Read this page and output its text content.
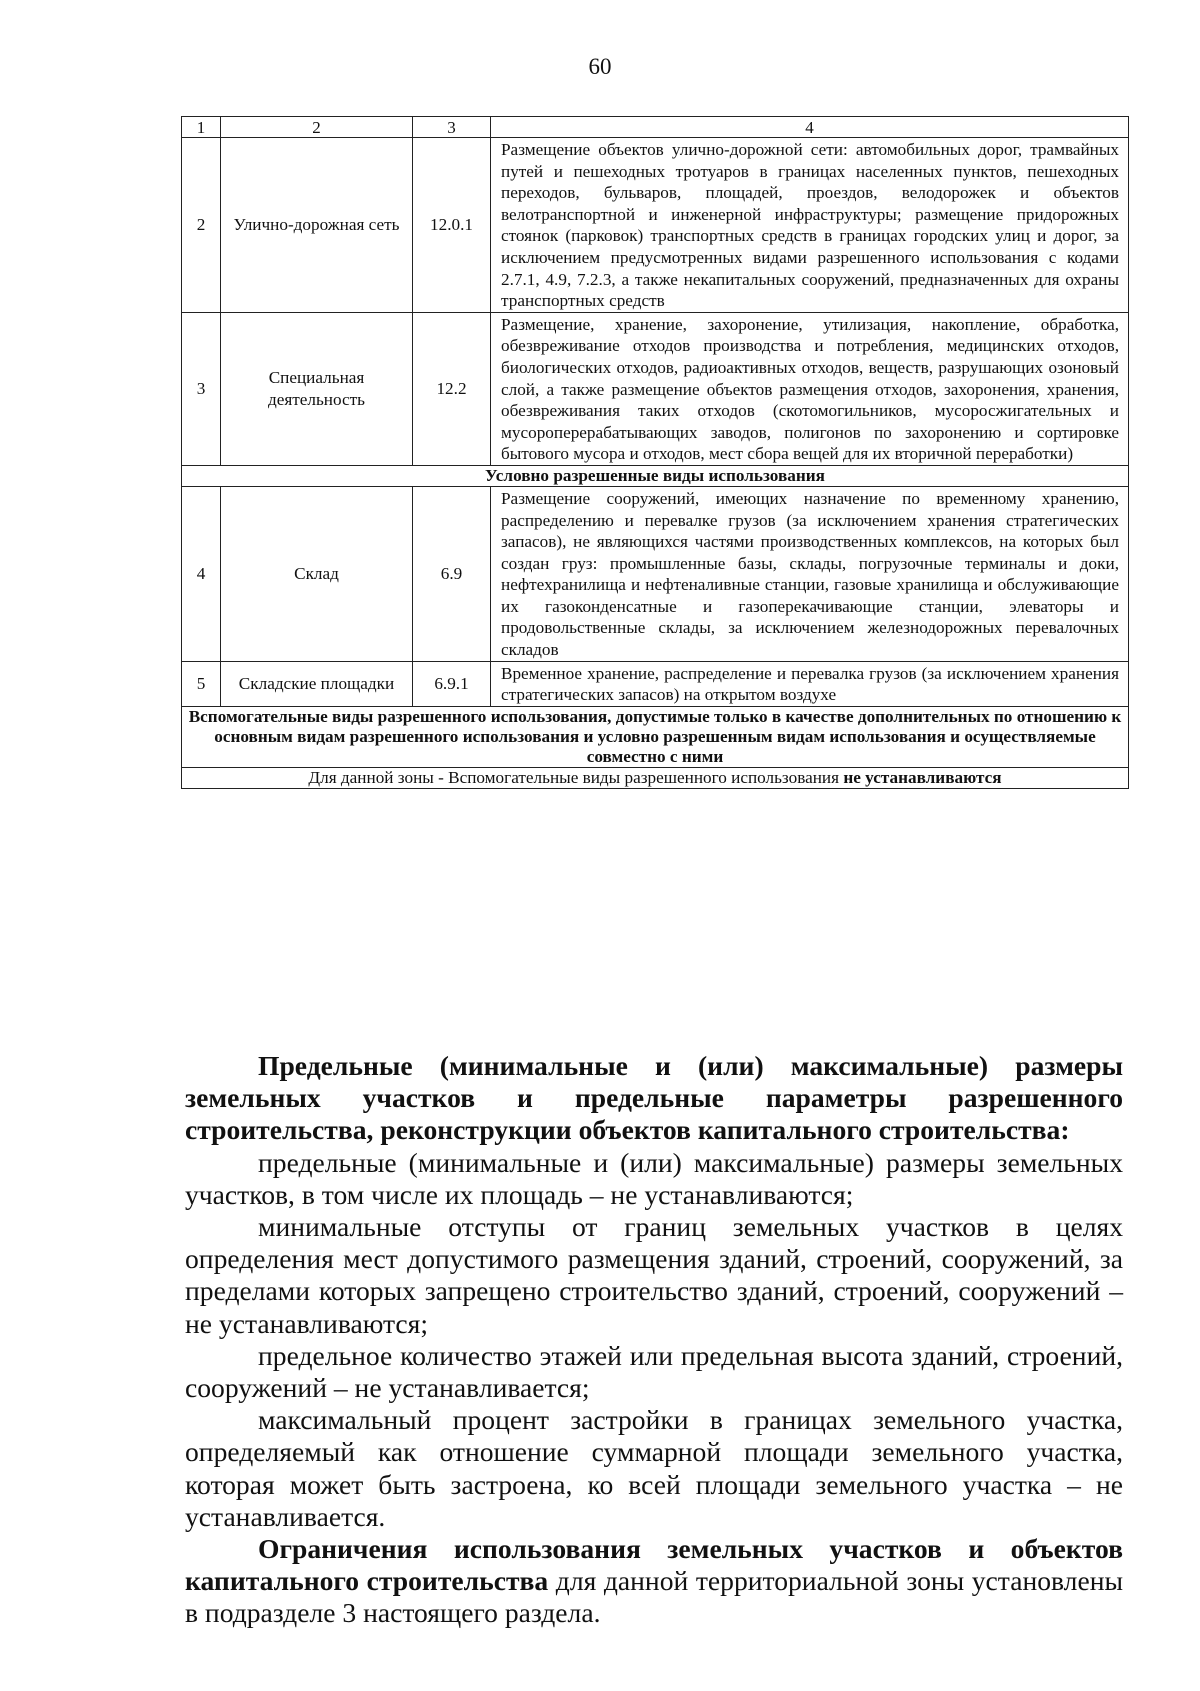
60
1	2	3	4
2	Улично-дорожная сеть	12.0.1	Размещение объектов улично-дорожной сети: автомобильных дорог, трамвайных путей и пешеходных тротуаров в границах населенных пунктов, пешеходных переходов, бульваров, площадей, проездов, велодорожек и объектов велотранспортной и инженерной инфраструктуры; размещение придорожных стоянок (парковок) транспортных средств в границах городских улиц и дорог, за исключением предусмотренных видами разрешенного использования с кодами 2.7.1, 4.9, 7.2.3, а также некапитальных сооружений, предназначенных для охраны транспортных средств
3	Специальная деятельность	12.2	Размещение, хранение, захоронение, утилизация, накопление, обработка, обезвреживание отходов производства и потребления, медицинских отходов, биологических отходов, радиоактивных отходов, веществ, разрушающих озоновый слой, а также размещение объектов размещения отходов, захоронения, хранения, обезвреживания таких отходов (скотомогильников, мусоросжигательных и мусороперерабатывающих заводов, полигонов по захоронению и сортировке бытового мусора и отходов, мест сбора вещей для их вторичной переработки)
Условно разрешенные виды использования			
4	Склад	6.9	Размещение сооружений, имеющих назначение по временному хранению, распределению и перевалке грузов (за исключением хранения стратегических запасов), не являющихся частями производственных комплексов, на которых был создан груз: промышленные базы, склады, погрузочные терминалы и доки, нефтехранилища и нефтеналивные станции, газовые хранилища и обслуживающие их газоконденсатные и газоперекачивающие станции, элеваторы и продовольственные склады, за исключением железнодорожных перевалочных складов
5	Складские площадки	6.9.1	Временное хранение, распределение и перевалка грузов (за исключением хранения стратегических запасов) на открытом воздухе
Вспомогательные виды разрешенного использования, допустимые только в качестве дополнительных по отношению к основным видам разрешенного использования и условно разрешенным видам использования и осуществляемые совместно с ними			
Для данной зоны - Вспомогательные виды разрешенного использования не устанавливаются			

Предельные (минимальные и (или) максимальные) размеры земельных участков и предельные параметры разрешенного строительства, реконструкции объектов капитального строительства:

предельные (минимальные и (или) максимальные) размеры земельных участков, в том числе их площадь – не устанавливаются;

минимальные отступы от границ земельных участков в целях определения мест допустимого размещения зданий, строений, сооружений, за пределами которых запрещено строительство зданий, строений, сооружений – не устанавливаются;

предельное количество этажей или предельная высота зданий, строений, сооружений – не устанавливается;

максимальный процент застройки в границах земельного участка, определяемый как отношение суммарной площади земельного участка, которая может быть застроена, ко всей площади земельного участка – не устанавливается.

Ограничения использования земельных участков и объектов капитального строительства для данной территориальной зоны установлены в подразделе 3 настоящего раздела.
